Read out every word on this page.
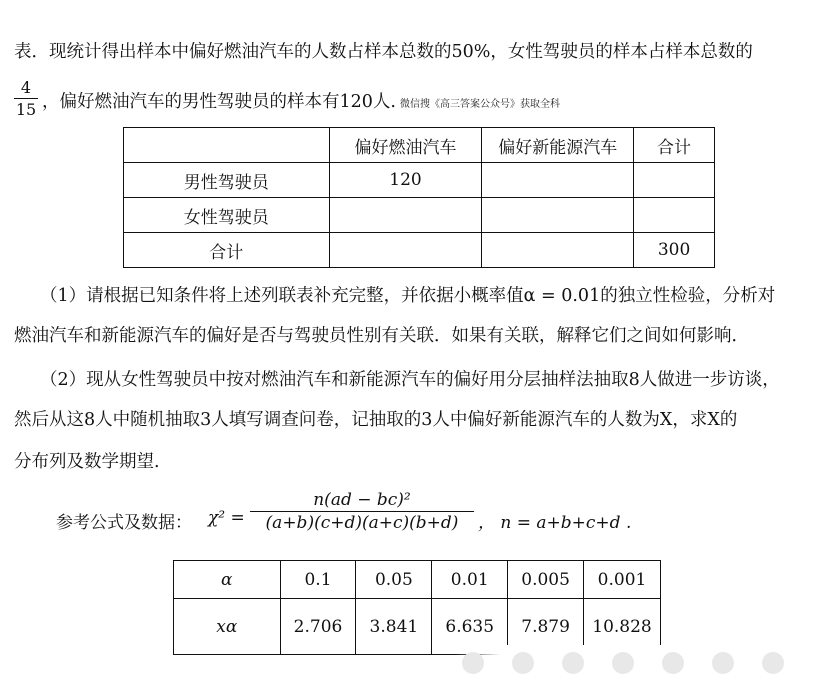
表．现统计得出样本中偏好燃油汽车的人数占样本总数的50%，女性驾驶员的样本占样本总数的
4
15 ，偏好燃油汽车的男性驾驶员的样本有120人. 微信搜《高三答案公众号》获取全科
	偏好燃油汽车	偏好新能源汽车	合计
男性驾驶员	120		
女性驾驶员			
合计			300
（1）请根据已知条件将上述列联表补充完整，并依据小概率值α = 0.01的独立性检验，分析对
燃油汽车和新能源汽车的偏好是否与驾驶员性别有关联．如果有关联，解释它们之间如何影响．
（2）现从女性驾驶员中按对燃油汽车和新能源汽车的偏好用分层抽样法抽取8人做进一步访谈，
然后从这8人中随机抽取3人填写调查问卷，记抽取的3人中偏好新能源汽车的人数为X，求X的
分布列及数学期望.
参考公式及数据： χ² =
n(ad − bc)²
(a+b)(c+d)(a+c)(b+d)	， n = a+b+c+d .
α	0.1	0.05	0.01	0.005	0.001
xα	2.706	3.841	6.635	7.879	10.828
